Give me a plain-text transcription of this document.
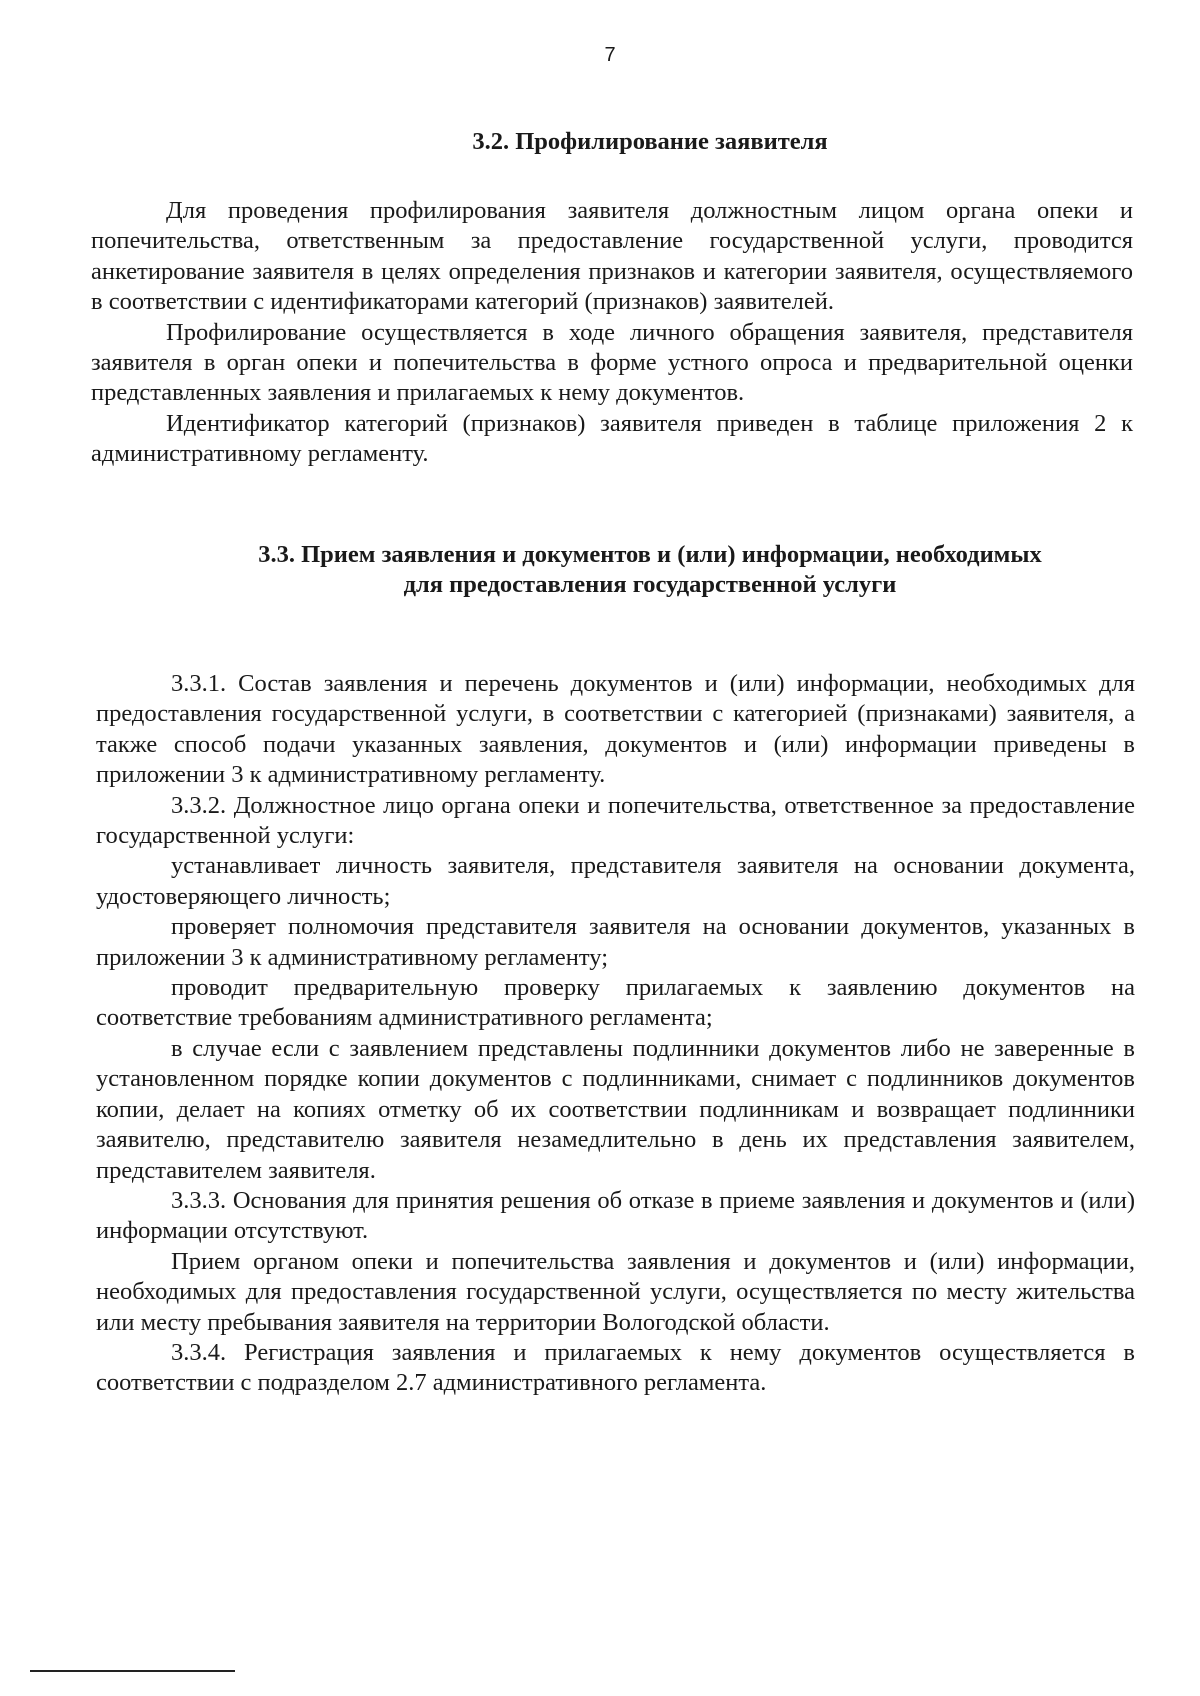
7
3.2. Профилирование заявителя

Для проведения профилирования заявителя должностным лицом органа опеки и попечительства, ответственным за предоставление государственной услуги, проводится анкетирование заявителя в целях определения признаков и категории заявителя, осуществляемого в соответствии с идентификаторами категорий (признаков) заявителей.

Профилирование осуществляется в ходе личного обращения заявителя, представителя заявителя в орган опеки и попечительства в форме устного опроса и предварительной оценки представленных заявления и прилагаемых к нему документов.

Идентификатор категорий (признаков) заявителя приведен в таблице приложения 2 к административному регламенту.

3.3. Прием заявления и документов и (или) информации, необходимых
для предоставления государственной услуги

3.3.1. Состав заявления и перечень документов и (или) информации, необходимых для предоставления государственной услуги, в соответствии с категорией (признаками) заявителя, а также способ подачи указанных заявления, документов и (или) информации приведены в приложении 3 к административному регламенту.

3.3.2. Должностное лицо органа опеки и попечительства, ответственное за предоставление государственной услуги:

устанавливает личность заявителя, представителя заявителя на основании документа, удостоверяющего личность;

проверяет полномочия представителя заявителя на основании документов, указанных в приложении 3 к административному регламенту;

проводит предварительную проверку прилагаемых к заявлению документов на соответствие требованиям административного регламента;

в случае если с заявлением представлены подлинники документов либо не заверенные в установленном порядке копии документов с подлинниками, снимает с подлинников документов копии, делает на копиях отметку об их соответствии подлинникам и возвращает подлинники заявителю, представителю заявителя незамедлительно в день их представления заявителем, представителем заявителя.

3.3.3. Основания для принятия решения об отказе в приеме заявления и документов и (или) информации отсутствуют.

Прием органом опеки и попечительства заявления и документов и (или) информации, необходимых для предоставления государственной услуги, осуществляется по месту жительства или месту пребывания заявителя на территории Вологодской области.

3.3.4. Регистрация заявления и прилагаемых к нему документов осуществляется в соответствии с подразделом 2.7 административного регламента.
